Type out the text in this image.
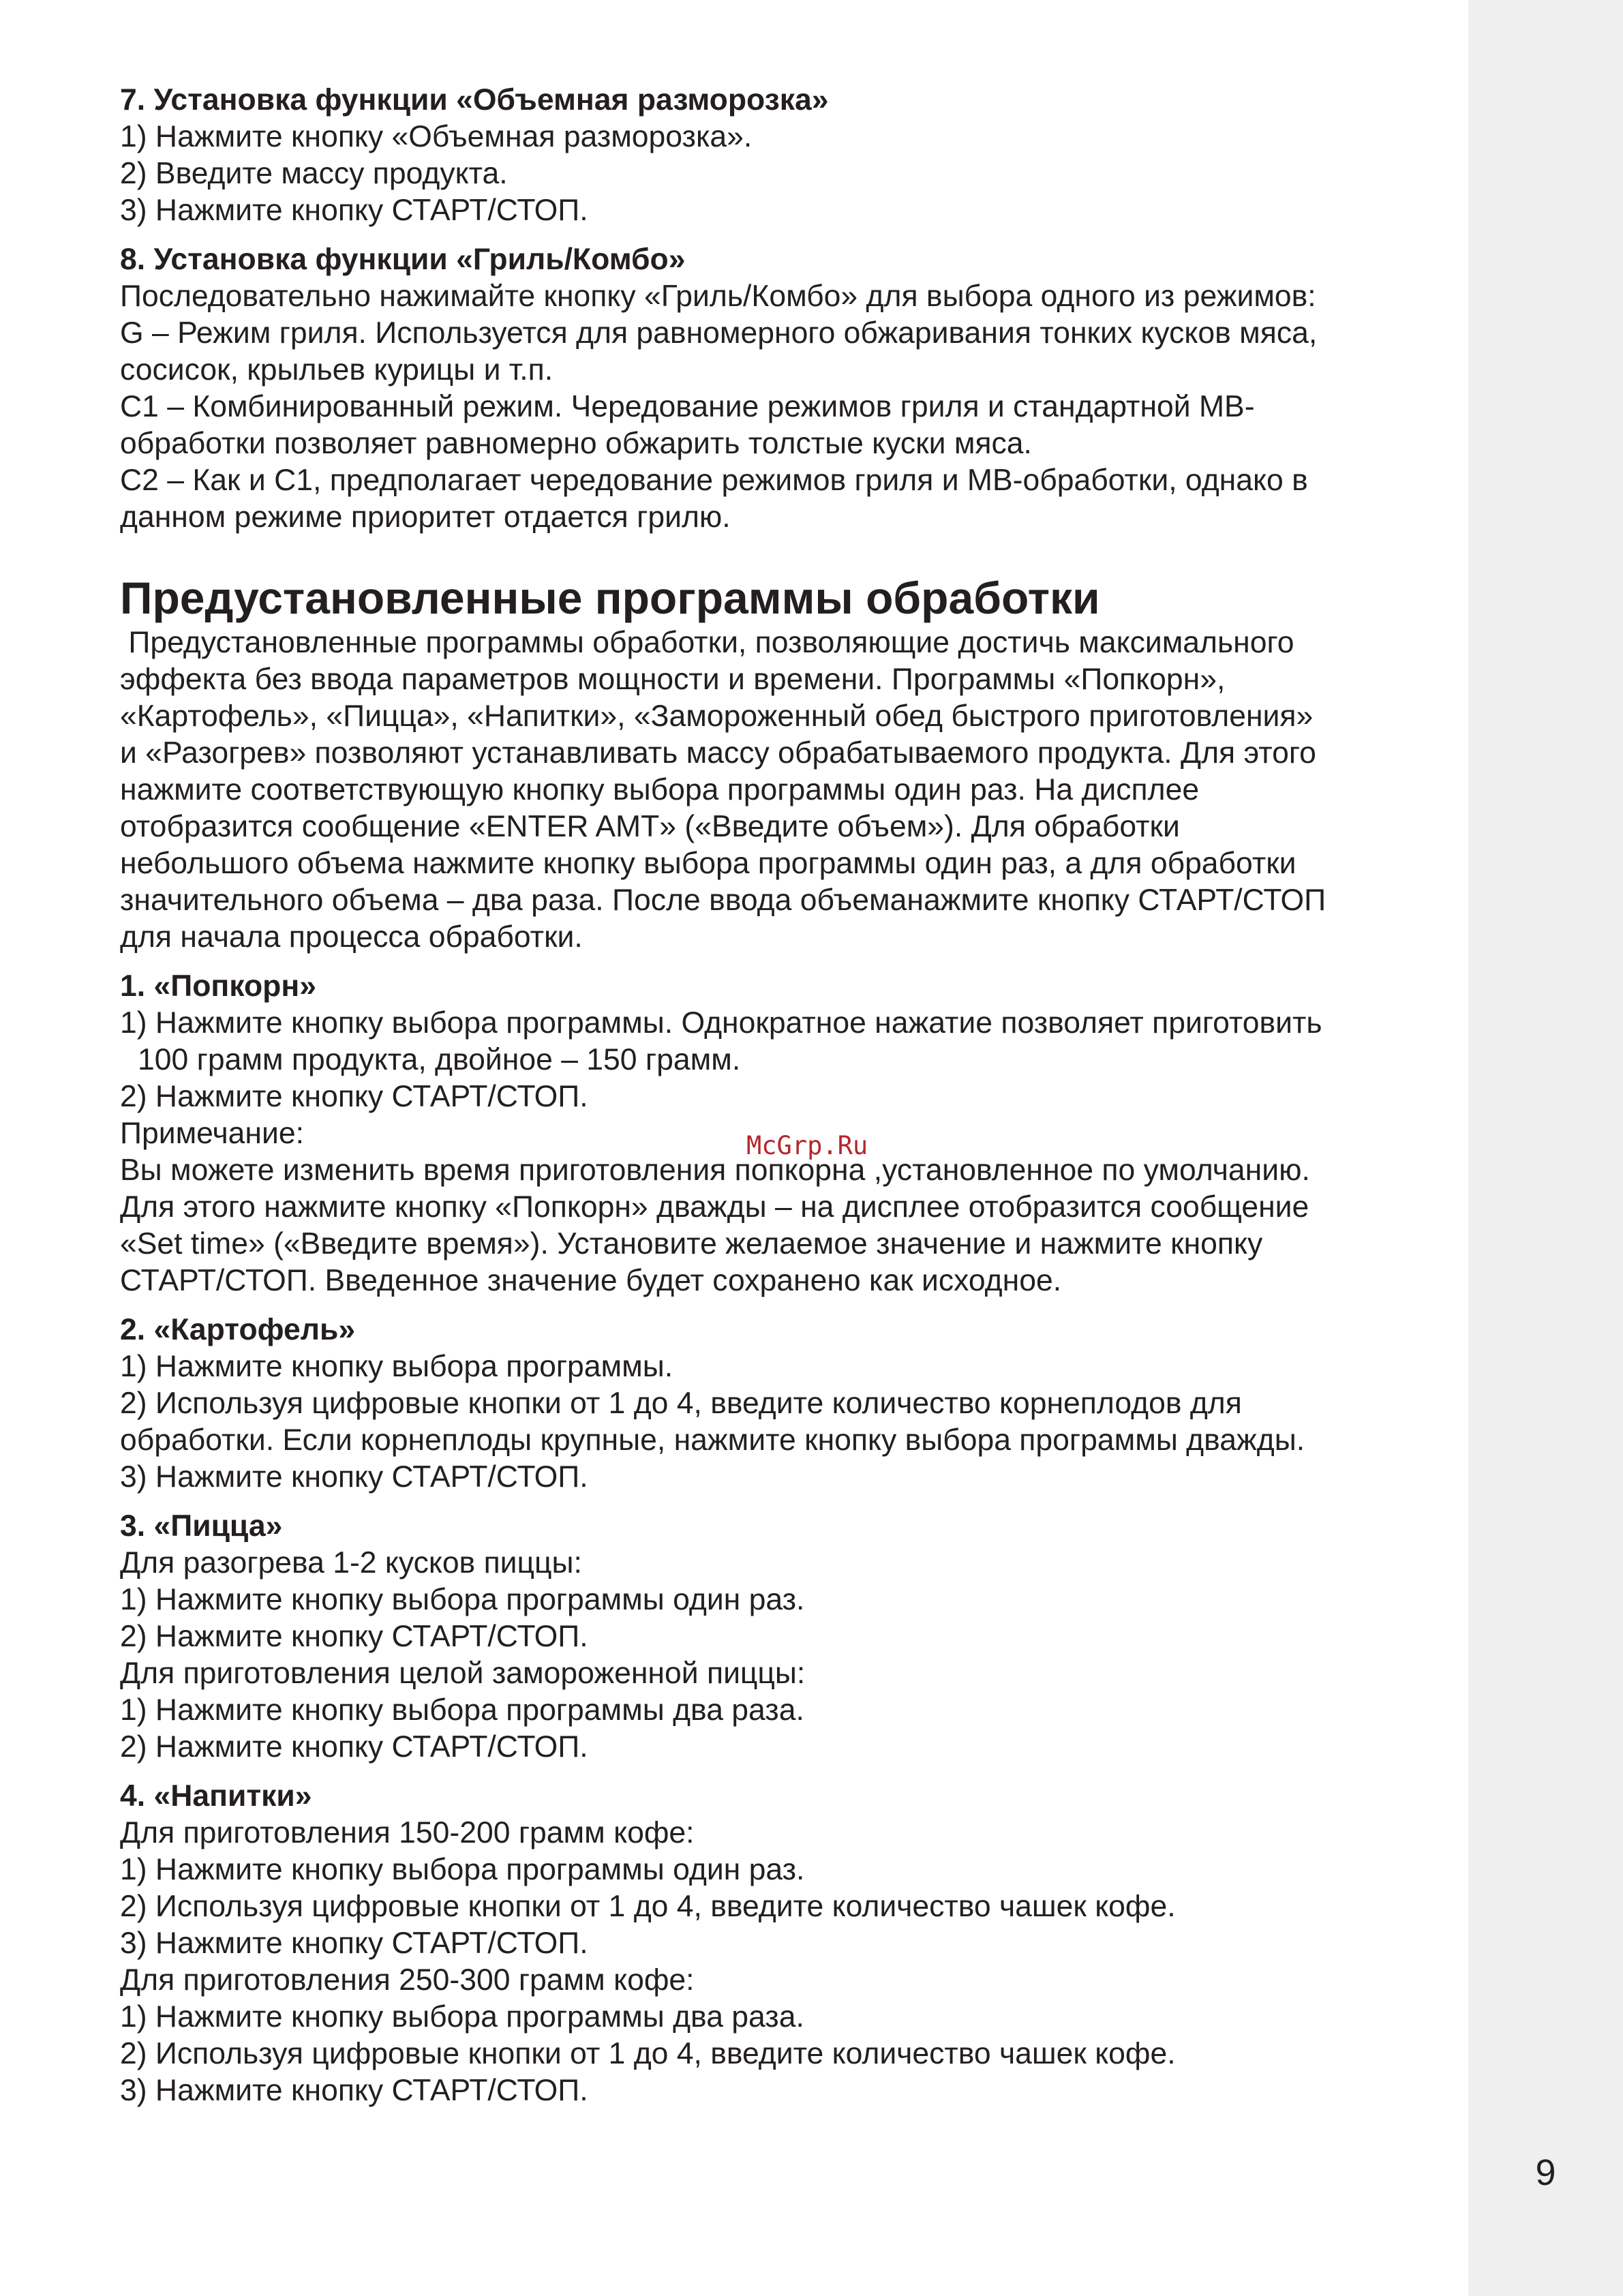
9

7. Установка функции «Объемная разморозка»

1) Нажмите кнопку «Объемная разморозка».

2) Введите массу продукта.

3) Нажмите кнопку СТАРТ/СТОП.

8. Установка функции «Гриль/Комбо»

Последовательно нажимайте кнопку «Гриль/Комбо» для выбора одного из режимов:

G – Режим гриля. Используется для равномерного обжаривания тонких кусков мяса,

сосисок, крыльев курицы и т.п.

C1 – Комбинированный режим. Чередование режимов гриля и стандартной МВ-

обработки позволяет равномерно обжарить толстые куски мяса.

C2 – Как и С1, предполагает чередование режимов гриля и МВ-обработки, однако в

данном режиме приоритет отдается грилю.

Предустановленные программы обработки

Предустановленные программы обработки, позволяющие достичь максимального

эффекта без ввода параметров мощности и времени. Программы «Попкорн»,

«Картофель», «Пицца», «Напитки», «Замороженный обед быстрого приготовления»

и «Разогрев» позволяют устанавливать массу обрабатываемого продукта. Для этого

нажмите соответствующую кнопку выбора программы один раз. На дисплее

отобразится сообщение «ENTER AMT» («Введите объем»). Для обработки

небольшого объема нажмите кнопку выбора программы один раз, а для обработки

значительного объема – два раза. После ввода объеманажмите кнопку СТАРТ/СТОП

для начала процесса обработки.

1. «Попкорн»

1) Нажмите кнопку выбора программы. Однократное нажатие позволяет приготовить

100 грамм продукта, двойное – 150 грамм.

2) Нажмите кнопку СТАРТ/СТОП.

Примечание:

Вы можете изменить время приготовления попкорна ,установленное по умолчанию.

Для этого нажмите кнопку «Попкорн» дважды – на дисплее отобразится сообщение

«Set time» («Введите время»). Установите желаемое значение и нажмите кнопку

СТАРТ/СТОП. Введенное значение будет сохранено как исходное.

2. «Картофель»

1) Нажмите кнопку выбора программы.

2) Используя цифровые кнопки от 1 до 4, введите количество корнеплодов для

обработки. Если корнеплоды крупные, нажмите кнопку выбора программы дважды.

3) Нажмите кнопку СТАРТ/СТОП.

3. «Пицца»

Для разогрева 1-2 кусков пиццы:

1) Нажмите кнопку выбора программы один раз.

2) Нажмите кнопку СТАРТ/СТОП.

Для приготовления целой замороженной пиццы:

1) Нажмите кнопку выбора программы два раза.

2) Нажмите кнопку СТАРТ/СТОП.

4. «Напитки»

Для приготовления 150-200 грамм кофе:

1) Нажмите кнопку выбора программы один раз.

2) Используя цифровые кнопки от 1 до 4, введите количество чашек кофе.

3) Нажмите кнопку СТАРТ/СТОП.

Для приготовления 250-300 грамм кофе:

1) Нажмите кнопку выбора программы два раза.

2) Используя цифровые кнопки от 1 до 4, введите количество чашек кофе.

3) Нажмите кнопку СТАРТ/СТОП.

McGrp.Ru
